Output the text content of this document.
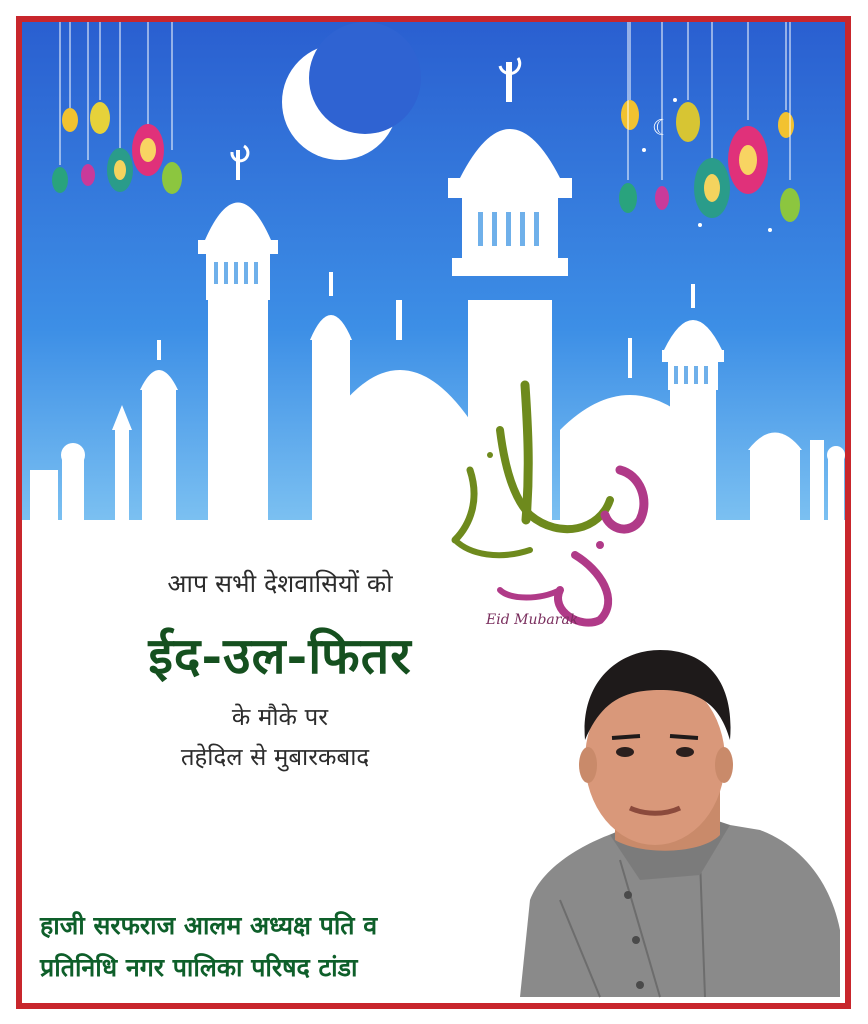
☾
आप सभी देशवासियों को
ईद-उल-फितर
के मौके पर
तहेदिल से मुबारकबाद
Eid Mubarak
हाजी सरफराज आलम अध्यक्ष पति व
प्रतिनिधि नगर पालिका परिषद टांडा
